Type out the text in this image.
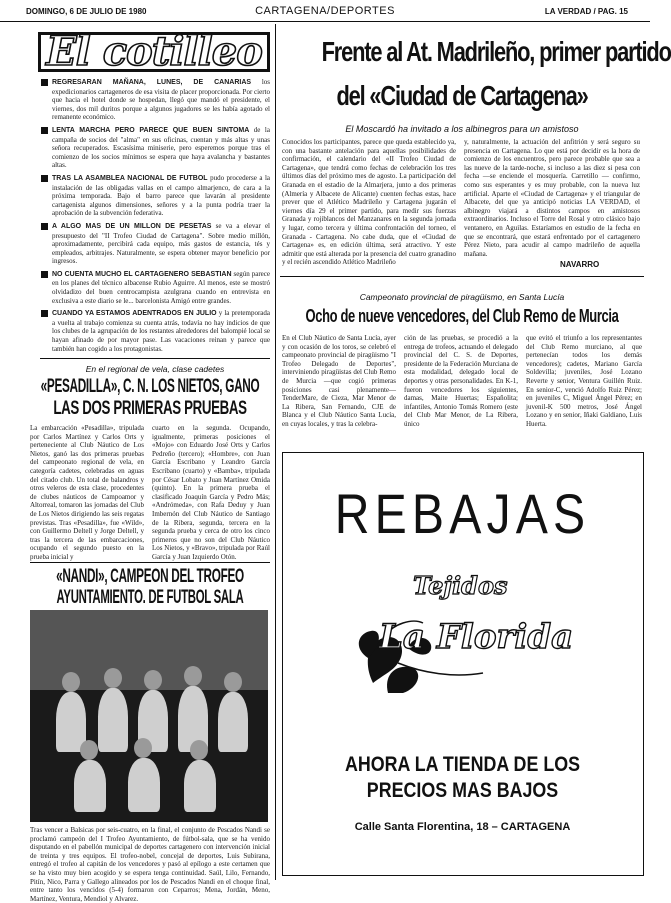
DOMINGO, 6 DE JULIO DE 1980	CARTAGENA/DEPORTES	LA VERDAD / PAG. 15
El cotilleo
REGRESARAN MAÑANA, LUNES, DE CANARIAS los expedicionarios cartageneros de esa visita de placer proporcionada. Por cierto que hacia el hotel donde se hospedan, llegó que mandó el presidente, el viernes, dos mil duritos porque a algunos jugadores se les había agotado el remanente económico.
LENTA MARCHA PERO PARECE QUE BUEN SINTOMA de la campaña de socios del "alma" en sus oficinas, cuentan y más altas y unas señora recuperados. Escasísima miniserie, pero esperemos porque tras el comienzo de los socios mínimos se espera que haya avalancha y bastantes altas.
TRAS LA ASAMBLEA NACIONAL DE FUTBOL pudo procederse a la instalación de las obligadas vallas en el campo almarjenco, de cara a la próxima temporada. Bajo el barro parece que lavarán al presidente cartagenista algunos dimensiones, señores y a la punta podría traer la aprobación de la subvención federativa.
A ALGO MAS DE UN MILLON DE PESETAS se va a elevar el presupuesto del "II Trofeo Ciudad de Cartagena". Sobre medio millón, aproximadamente, percibirá cada equipo, más gastos de estancia, tés y empleados, arbitrajes. Naturalmente, se espera obtener mayor beneficio por ingresos.
NO CUENTA MUCHO EL CARTAGENERO SEBASTIAN según parece en los planes del técnico albacense Rubio Aguirre. Al menos, este se mostró olvidadizo del buen centrocampista azulgrana cuando en entrevista en exclusiva a este diario se le... barcelonista Amigó entre grandes.
CUANDO YA ESTAMOS ADENTRADOS EN JULIO y la pretemporada a vuelta al trabajo comienza su cuenta atrás, todavía no hay indicios de que los clubes de la agrupación de los restantes alrededores del balompié local se hayan afinado de por mayor pase. Las vacaciones reinan y parece que también han cogido a los protagonistas.
En el regional de vela, clase cadetes
«PESADILLA», C. N. LOS NIETOS, GANO
LAS DOS PRIMERAS PRUEBAS
La embarcación «Pesadilla», tripulada por Carlos Martínez y Carlos Orts y perteneciente al Club Náutico de Los Nietos, ganó las dos primeras pruebas del campeonato regional de vela, en categoría cadetes, celebradas en aguas del citado club. Un total de balandros y otros veleros de esta clase, procedentes de clubes náuticos de Campoamor y Altorreal, tomaron las jornadas del Club de Los Nietos dirigiendo las seis regatas previstas. Tras «Pesadilla», fue «Wild», con Guillermo Deltell y Jorge Deltell, y tras la tercera de las embarcaciones, ocupando el segundo puesto en la prueba inicial y
cuarto en la segunda. Ocupando, igualmente, primeras posiciones el «Mojo» con Eduardo José Orts y Carlos Pedreño (tercero); «Hombre», con Juan García Escribano y Leandro García Escribano (cuarto) y «Bamba», tripulada por César Lobato y Juan Martínez Omida (quinto). En la primera prueba el clasificado Joaquín García y Pedro Más; «Andrómeda», con Rafa Deduy y Juan Imbernón del Club Náutico de Santiago de la Ribera, segunda, tercera en la segunda prueba y cerca de otro los cinco primeros que no son del Club Náutico Los Nietos, y «Bravo», tripulada por Raúl García y Juan Izquierdo Otón.
«NANDI», CAMPEON DEL TROFEO
AYUNTAMIENTO. DE FUTBOL SALA
Tras vencer a Balsicas por seis-cuatro, en la final, el conjunto de Pescados Nandi se proclamó campeón del I Trofeo Ayuntamiento, de fútbol-sala, que se ha venido disputando en el pabellón municipal de deportes cartagenero con intervención inicial de treinta y tres equipos. El trofeo-nobel, concejal de deportes, Luis Subirana, entregó el trofeo al capitán de los vencedores y pasó al epílogo a este certamen que se ha visto muy bien acogido y se espera tenga continuidad. Saúl, Lilo, Fernando, Pitín, Nico, Parra y Gallego alineados por los de Pescados Nandi en el choque final, entre tanto los vencidos (5-4) formaron con Ceparros; Mena, Jordán, Meno, Martínez, Ventura, Mendiol y Alvarez.
Frente al At. Madrileño, primer partido
del «Ciudad de Cartagena»
El Moscardó ha invitado a los albinegros para un amistoso
Conocidos los participantes, parece que queda establecido ya, con una bastante antelación para aquellas posibilidades de confirmación, el calendario del «II Trofeo Ciudad de Cartagena», que tendrá como fechas de celebración los tres últimos días del próximo mes de agosto. La participación del Granada en el estadio de la Almarjera, junto a dos primeras (Almería y Albacete de Alicante) cuenten fechas estas, hace prever que el Atlético Madrileño y Cartagena jugarán el viernes día 29 el primer partido, para medir sus fuerzas Granada y rojiblancos del Manzanares en la segunda jornada y lugar, como tercera y última confrontación del torneo, el Granada - Cartagena. No cabe duda, que el «Ciudad de Cartagena» es, en edición última, será atractivo. Y este admitir que está alterada por la presencia del cuatro granadino y el recién ascendido Atlético Madrileño
y, naturalmente, la actuación del anfitrión y será seguro su presencia en Cartagena. Lo que está por decidir es la hora de comienzo de los encuentros, pero parece probable que sea a las nueve de la tarde-noche, si incluso a las diez si pesa con fecha —se enciende el mosquería. Carretillo — confirmo, como sus esperantes y es muy probable, con la nueva luz artificial. Aparte el «Ciudad de Cartagena» y el triangular de Albacete, del que ya anticipó noticias LA VERDAD, el albinegro viajará a distintos campos en amistosos extraordinarios. Incluso el Torre del Rosal y otro clásico bajo ventanero, en Aguilas. Estaríamos en estudio de la fecha en que se encontrará, que estará enfrentado por el cartagenero Pérez Nieto, para acudir al campo madrileño de aquella mañana.
NAVARRO
Campeonato provincial de piragüismo, en Santa Lucía
Ocho de nueve vencedores, del Club Remo de Murcia
En el Club Náutico de Santa Lucía, ayer y con ocasión de los toros, se celebró el campeonato provincial de piragüismo "I Trofeo Delegado de Deportes", interviniendo piragüistas del Club Remo de Murcia —que cogió primeras posiciones casi plenamente— TenderMare, de Cieza, Mar Menor de La Ribera, San Fernando, CJE de Blanca y el Club Náutico Santa Lucía, en cuyas locales, y tras la celebra-
ción de las pruebas, se procedió a la entrega de trofeos, actuando el delegado provincial del C. S. de Deportes, presidente de la Federación Murciana de esta modalidad, delegado local de deportes y otras personalidades. En K-1, fueron vencedores los siguientes, damas, Maite Huertas; Españolita; infantiles, Antonio Tomás Romero (este del Club Mar Menor, de La Ribera, único
que evitó el triunfo a los representantes del Club Remo murciano, al que pertenecían todos los demás vencedores); cadetes, Mariano García Soldevilla; juveniles, José Lozano Reverte y senior, Ventura Guillén Ruiz. En senior-C, venció Adolfo Ruiz Pérez; en juveniles C, Miguel Ángel Pérez; en juvenil-K 500 metros, José Ángel Lozano y en senior, Iñaki Galdiano, Luis Huerta.
REBAJAS
Tejidos
La Florida
AHORA LA TIENDA DE LOS
PRECIOS MAS BAJOS
Calle Santa Florentina, 18 – CARTAGENA
